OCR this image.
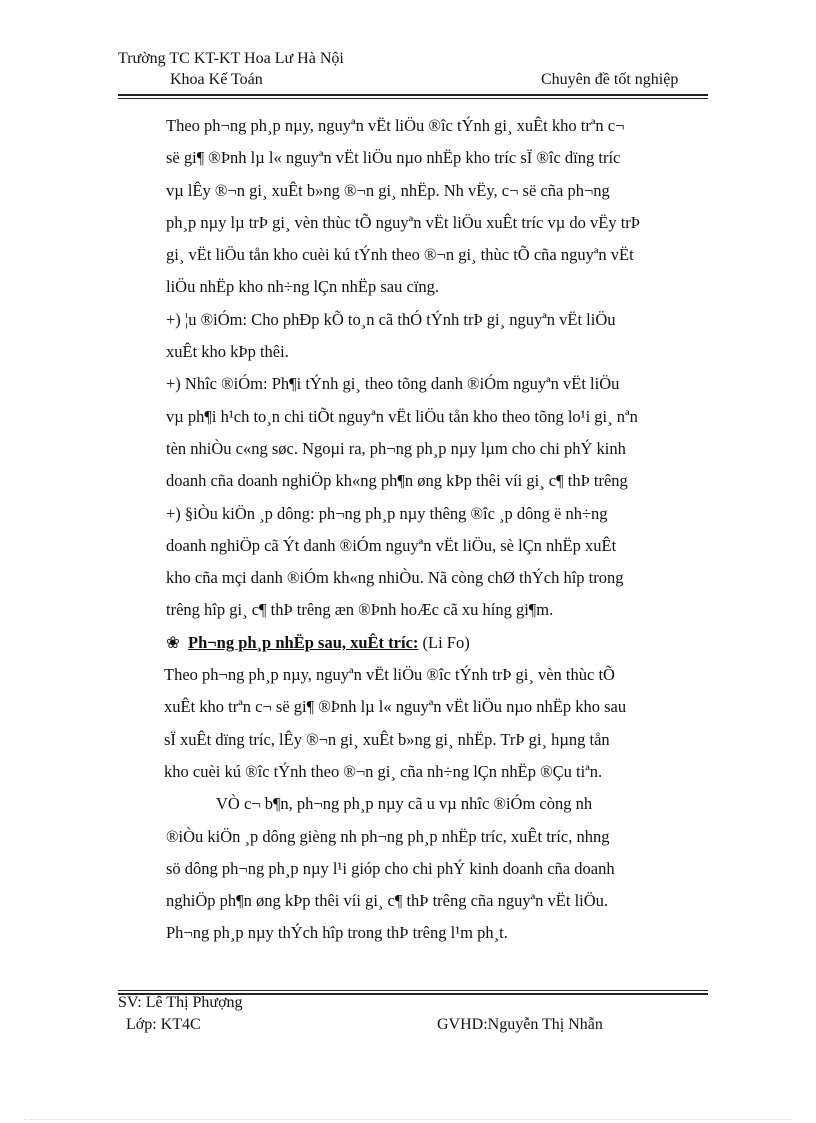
Trường TC KT-KT Hoa Lư Hà Nội
Khoa Kế Toán	Chuyên đề tốt nghiệp
Theo ph¬ng ph¸p nµy, nguyªn vËt liÖu ®îc tÝnh gi¸ xuÊt kho trªn c¬
së gi¶ ®Þnh lµ l« nguyªn vËt liÖu nµo nhËp kho tríc sÏ ®îc dïng tríc
vµ lÊy ®¬n gi¸ xuÊt b»ng ®¬n gi¸ nhËp. Nh vËy, c¬ së cña ph¬ng
ph¸p nµy lµ trÞ gi¸ vèn thùc tÕ nguyªn vËt liÖu xuÊt tríc vµ do vËy trÞ
gi¸ vËt liÖu tån kho cuèi kú tÝnh theo ®¬n gi¸ thùc tÕ cña nguyªn vËt
liÖu nhËp kho nh÷ng lÇn nhËp sau cïng.
+) ¦u ®iÓm: Cho phÐp kÕ to¸n cã thÓ tÝnh trÞ gi¸ nguyªn vËt liÖu
xuÊt kho kÞp thêi.
+) Nhîc ®iÓm: Ph¶i tÝnh gi¸ theo tõng danh ®iÓm nguyªn vËt liÖu
vµ ph¶i h¹ch to¸n chi tiÕt nguyªn vËt liÖu tån kho theo tõng lo¹i gi¸ nªn
tèn nhiÒu c«ng søc. Ngoµi ra, ph¬ng ph¸p nµy lµm cho chi phÝ kinh
doanh cña doanh nghiÖp kh«ng ph¶n øng kÞp thêi víi gi¸ c¶ thÞ trêng
+) §iÒu kiÖn ¸p dông: ph¬ng ph¸p nµy thêng ®îc ¸p dông ë nh÷ng
doanh nghiÖp cã Ýt danh ®iÓm nguyªn vËt liÖu, sè lÇn nhËp xuÊt
kho cña mçi danh ®iÓm kh«ng nhiÒu. Nã còng chØ thÝch hîp trong
trêng hîp gi¸ c¶ thÞ trêng æn ®Þnh hoÆc cã xu híng gi¶m.
❀ Ph¬ng ph¸p nhËp sau, xuÊt tríc: (Li Fo)
Theo ph¬ng ph¸p nµy, nguyªn vËt liÖu ®îc tÝnh trÞ gi¸ vèn thùc tÕ
xuÊt kho trªn c¬ së gi¶ ®Þnh lµ l« nguyªn vËt liÖu nµo nhËp kho sau
sÏ xuÊt dïng tríc, lÊy ®¬n gi¸ xuÊt b»ng gi¸ nhËp. TrÞ gi¸ hµng tån
kho cuèi kú ®îc tÝnh theo ®¬n gi¸ cña nh÷ng lÇn nhËp ®Çu tiªn.
VÒ c¬ b¶n, ph¬ng ph¸p nµy cã u vµ nhîc ®iÓm còng nh
®iÒu kiÖn ¸p dông gièng nh ph¬ng ph¸p nhËp tríc, xuÊt tríc, nhng
sö dông ph¬ng ph¸p nµy l¹i gióp cho chi phÝ kinh doanh cña doanh
nghiÖp ph¶n øng kÞp thêi víi gi¸ c¶ thÞ trêng cña nguyªn vËt liÖu.
Ph¬ng ph¸p nµy thÝch hîp trong thÞ trêng l¹m ph¸t.
SV: Lê Thị Phượng
Lớp: KT4C	GVHD:Nguyễn Thị Nhẫn
